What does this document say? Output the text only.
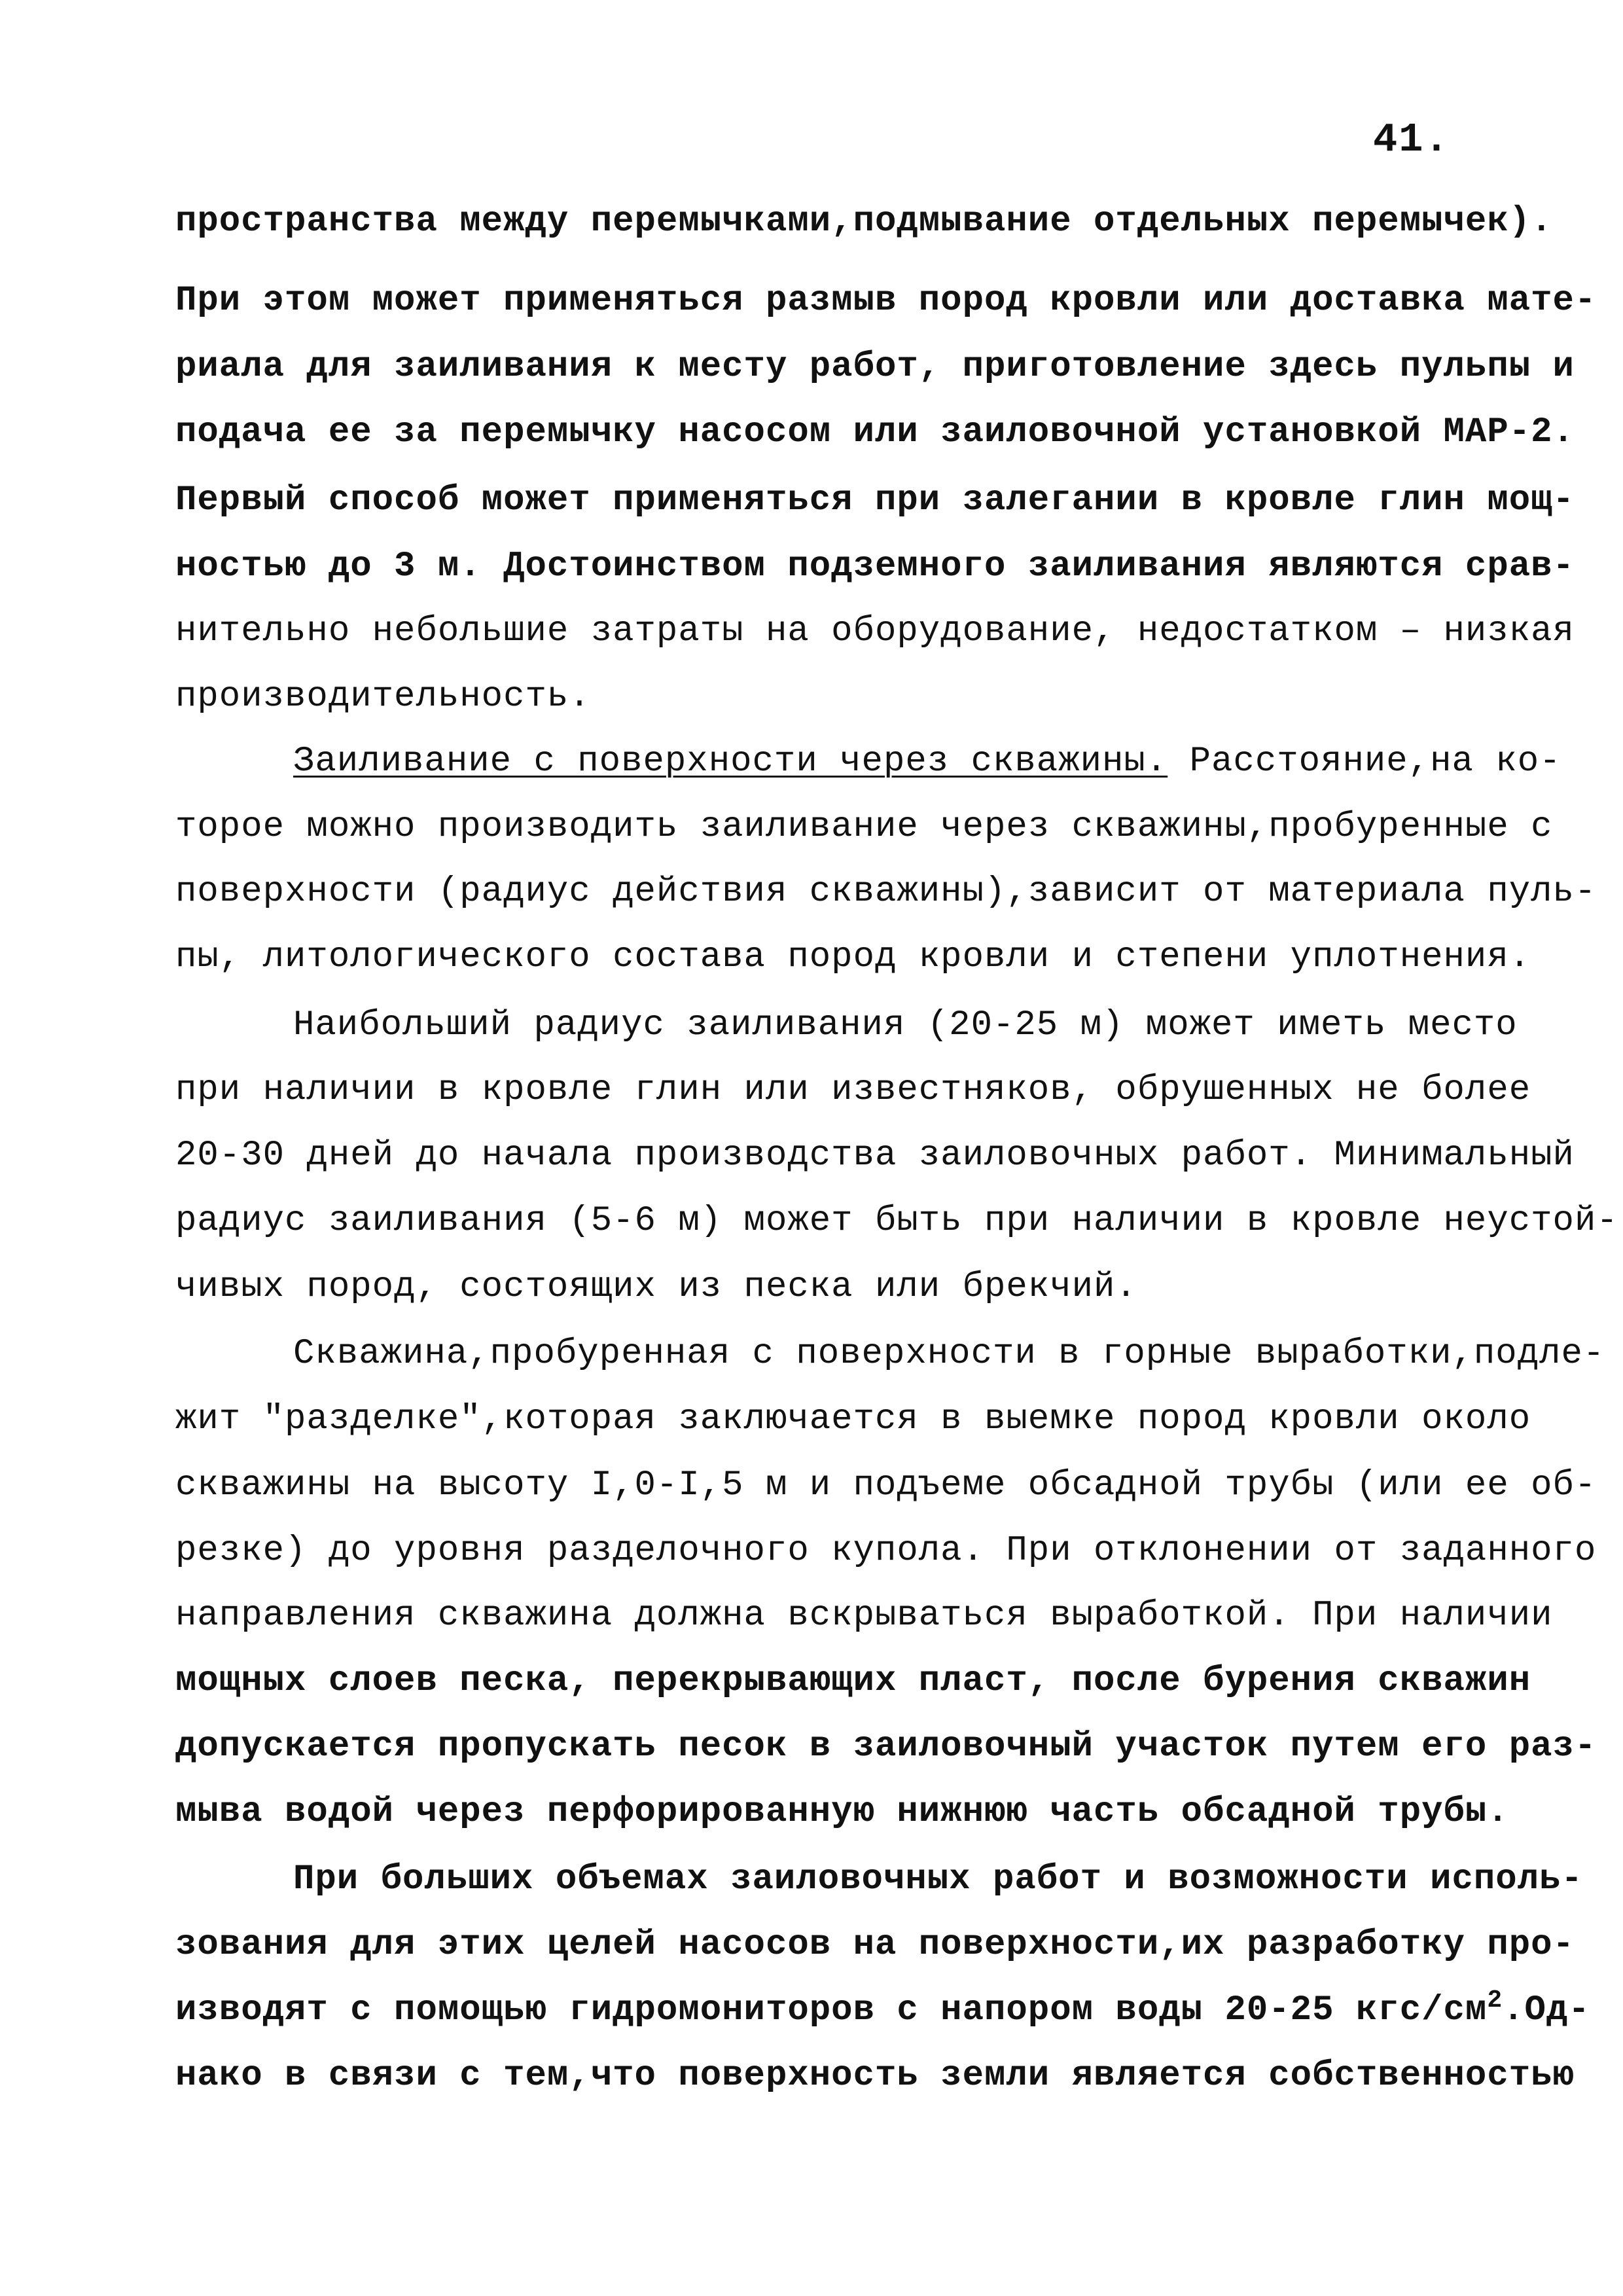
41.
пространства между перемычками,подмывание отдельных перемычек).
При этом может применяться размыв пород кровли или доставка мате-
риала для заиливания к месту работ, приготовление здесь пульпы и
подача ее за перемычку насосом или заиловочной установкой МАР-2.
Первый способ может применяться при залегании в кровле глин мощ-
ностью до 3 м. Достоинством подземного заиливания являются срав-
нительно небольшие затраты на оборудование, недостатком – низкая
производительность.
Заиливание с поверхности через скважины. Расстояние,на ко-
торое можно производить заиливание через скважины,пробуренные с
поверхности (радиус действия скважины),зависит от материала пуль-
пы, литологического состава пород кровли и степени уплотнения.
Наибольший радиус заиливания (20-25 м) может иметь место
при наличии в кровле глин или известняков, обрушенных не более
20-30 дней до начала производства заиловочных работ. Минимальный
радиус заиливания (5-6 м) может быть при наличии в кровле неустой-
чивых пород, состоящих из песка или брекчий.
Скважина,пробуренная с поверхности в горные выработки,подле-
жит "разделке",которая заключается в выемке пород кровли около
скважины на высоту I,0-I,5 м и подъеме обсадной трубы (или ее об-
резке) до уровня разделочного купола. При отклонении от заданного
направления скважина должна вскрываться выработкой. При наличии
мощных слоев песка, перекрывающих пласт, после бурения скважин
допускается пропускать песок в заиловочный участок путем его раз-
мыва водой через перфорированную нижнюю часть обсадной трубы.
При больших объемах заиловочных работ и возможности исполь-
зования для этих целей насосов на поверхности,их разработку про-
изводят с помощью гидромониторов с напором воды 20-25 кгс/$см^2.Од-$
нако в связи с тем,что поверхность земли является собственностью
